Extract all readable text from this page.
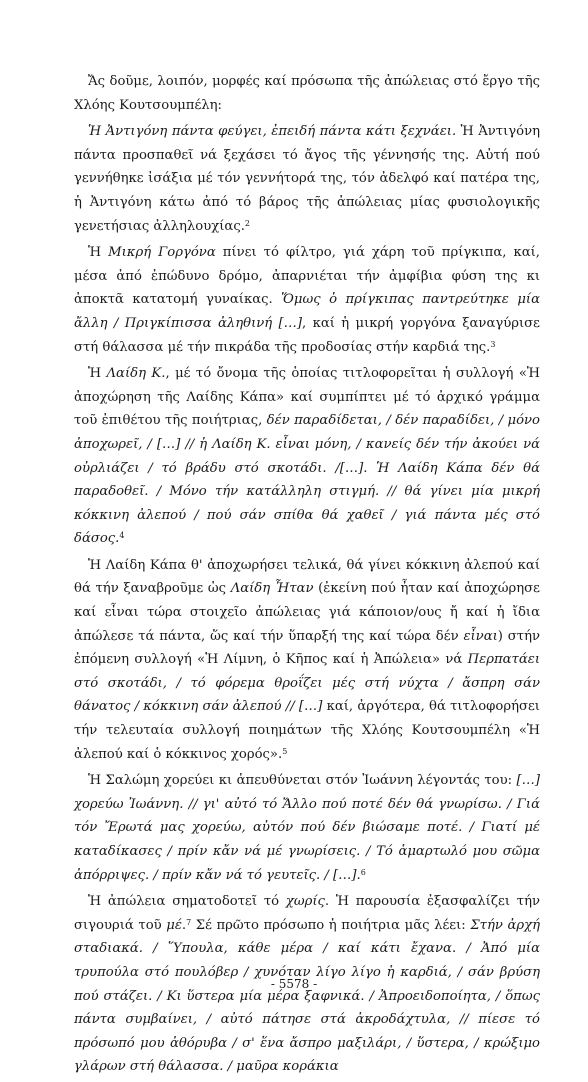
Ἄς δοῦμε, λοιπόν, μορφές καί πρόσωπα τῆς ἀπώλειας στό ἔργο τῆς Χλόης Κουτσουμπέλη:

Ἡ Ἀντιγόνη πάντα φεύγει, ἐπειδή πάντα κάτι ξεχνάει. Ἡ Ἀντιγόνη πάντα προσπαθεῖ νά ξεχάσει τό ἄγος τῆς γέννησής της. Αὐτή πού γεννήθηκε ἰσάξια μέ τόν γεννήτορά της, τόν ἀδελφό καί πατέρα της, ἡ Ἀντιγόνη κάτω ἀπό τό βάρος τῆς ἀπώλειας μίας φυσιολογικῆς γενετήσιας ἀλληλουχίας.$^2$

Ἡ Μικρή Γοργόνα πίνει τό φίλτρο, γιά χάρη τοῦ πρίγκιπα, καί, μέσα ἀπό ἐπώδυνο δρόμο, ἀπαρνιέται τήν ἀμφίβια φύση της κι ἀποκτᾶ κατατομή γυναίκας. Ὅμως ὁ πρίγκιπας παντρεύτηκε μία ἄλλη / Πριγκίπισσα ἀληθινή […], καί ἡ μικρή γοργόνα ξαναγύρισε στή θάλασσα μέ τήν πικράδα τῆς προδοσίας στήν καρδιά της.$^3$

Ἡ Λαίδη Κ., μέ τό ὄνομα τῆς ὁποίας τιτλοφορεῖται ἡ συλλογή «Ἡ ἀποχώρηση τῆς Λαίδης Κάπα» καί συμπίπτει μέ τό ἀρχικό γράμμα τοῦ ἐπιθέτου τῆς ποιήτριας, δέν παραδίδεται, / δέν παραδίδει, / μόνο ἀποχωρεῖ, / […] // ἡ Λαίδη Κ. εἶναι μόνη, / κανείς δέν τήν ἀκούει νά οὐρλιάζει / τό βράδυ στό σκοτάδι. /[…]. Ἡ Λαίδη Κάπα δέν θά παραδοθεῖ. / Μόνο τήν κατάλληλη στιγμή. // θά γίνει μία μικρή κόκκινη ἀλεπού / πού σάν σπίθα θά χαθεῖ / γιά πάντα μές στό δάσος.$^4$

Ἡ Λαίδη Κάπα θ' ἀποχωρήσει τελικά, θά γίνει κόκκινη ἀλεπού καί θά τήν ξαναβροῦμε ὡς Λαίδη Ἦταν (ἐκείνη πού ἦταν καί ἀποχώρησε καί εἶναι τώρα στοιχεῖο ἀπώλειας γιά κάποιον/ους ἤ καί ἡ ἴδια ἀπώλεσε τά πάντα, ὥς καί τήν ὕπαρξή της καί τώρα δέν εἶναι) στήν ἐπόμενη συλλογή «Ἡ Λίμνη, ὁ Κῆπος καί ἡ Ἀπώλεια» νά Περπατάει στό σκοτάδι, / τό φόρεμα θροΐζει μές στή νύχτα / ἄσπρη σάν θάνατος / κόκκινη σάν ἀλεπού // […] καί, ἀργότερα, θά τιτλοφορήσει τήν τελευταία συλλογή ποιημάτων τῆς Χλόης Κουτσουμπέλη «Ἡ ἀλεπού καί ὁ κόκκινος χορός».$^5$

Ἡ Σαλώμη χορεύει κι ἀπευθύνεται στόν Ἰωάννη λέγοντάς του: […] χορεύω Ἰωάννη. // γι' αὐτό τό Ἄλλο πού ποτέ δέν θά γνωρίσω. / Γιά τόν Ἔρωτά μας χορεύω, αὐτόν πού δέν βιώσαμε ποτέ. / Γιατί μέ καταδίκασες / πρίν κἄν νά μέ γνωρίσεις. / Τό ἁμαρτωλό μου σῶμα ἀπόρριψες. / πρίν κἄν νά τό γευτεῖς. / […].$^6$

Ἡ ἀπώλεια σηματοδοτεῖ τό χωρίς. Ἡ παρουσία ἐξασφαλίζει τήν σιγουριά τοῦ μέ.$^7$ Σέ πρῶτο πρόσωπο ἡ ποιήτρια μᾶς λέει: Στήν ἀρχή σταδιακά. / Ὕπουλα, κάθε μέρα / καί κάτι ἔχανα. / Ἀπό μία τρυπούλα στό πουλόβερ / χυνόταν λίγο λίγο ἡ καρδιά, / σάν βρύση πού στάζει. / Κι ὕστερα μία μέρα ξαφνικά. / Ἀπροειδοποίητα, / ὅπως πάντα συμβαίνει, / αὐτό πάτησε στά ἀκροδάχτυλα, // πίεσε τό πρόσωπό μου ἀθόρυβα / σ' ἕνα ἄσπρο μαξιλάρι, / ὕστερα, / κρώξιμο γλάρων στή θάλασσα. / μαῦρα κοράκια

- 5578 -
